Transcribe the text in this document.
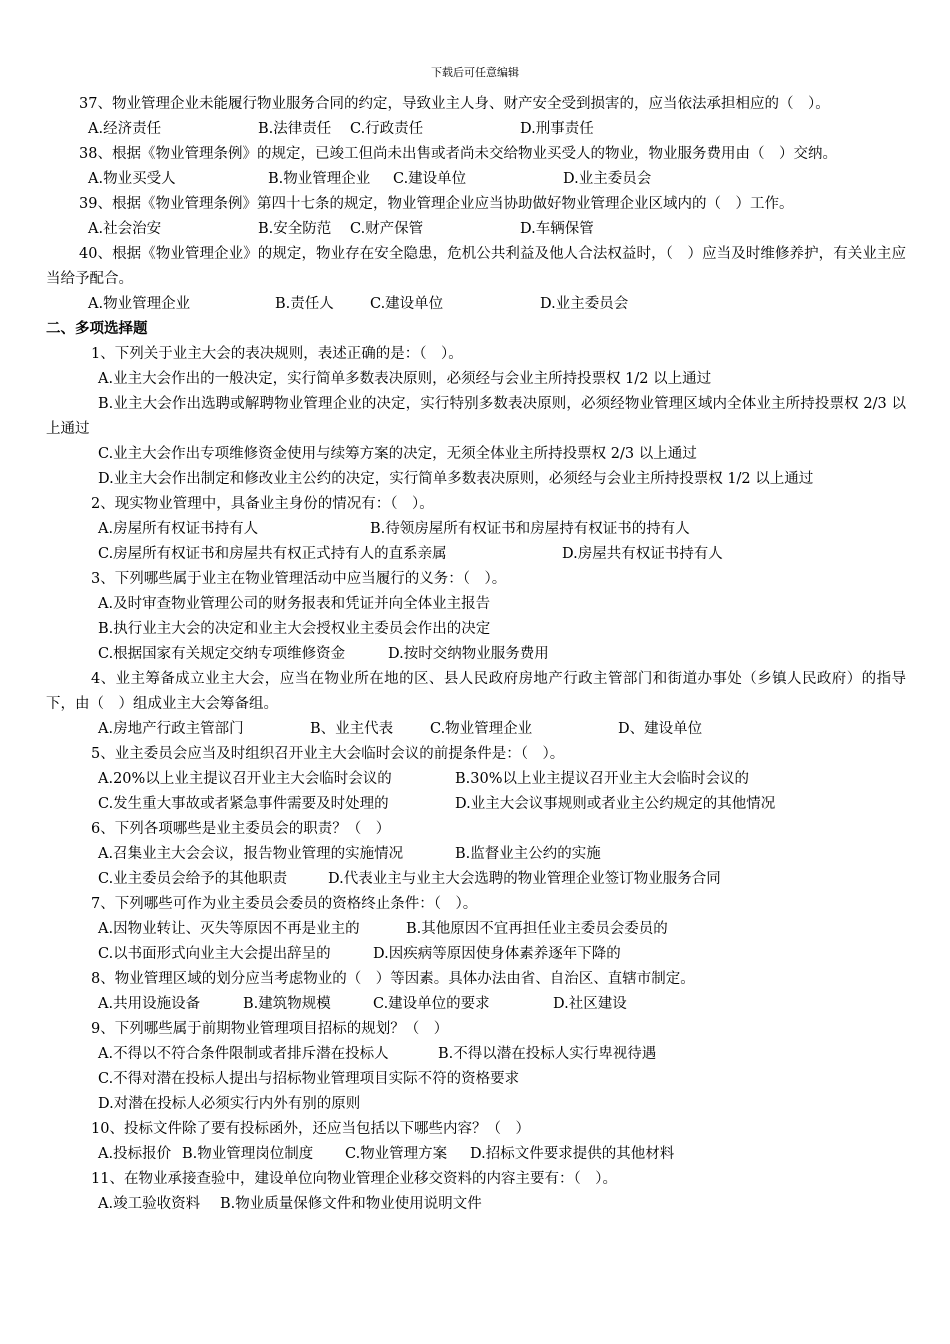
下载后可任意编辑

37、物业管理企业未能履行物业服务合同的约定，导致业主人身、财产安全受到损害的，应当依法承担相应的（　）。

A.经济责任	B.法律责任	C.行政责任	D.刑事责任

38、根据《物业管理条例》的规定，已竣工但尚未出售或者尚未交给物业买受人的物业，物业服务费用由（　）交纳。

A.物业买受人	B.物业管理企业	C.建设单位	D.业主委员会

39、根据《物业管理条例》第四十七条的规定，物业管理企业应当协助做好物业管理企业区域内的（　）工作。

A.社会治安	B.安全防范	C.财产保管	D.车辆保管

40、根据《物业管理企业》的规定，物业存在安全隐患，危机公共利益及他人合法权益时，（　）应当及时维修养护，有关业主应当给予配合。

A.物业管理企业	B.责任人	C.建设单位	D.业主委员会

二、多项选择题

1、下列关于业主大会的表决规则，表述正确的是：（　）。

A.业主大会作出的一般决定，实行简单多数表决原则，必须经与会业主所持投票权 1/2 以上通过

B.业主大会作出选聘或解聘物业管理企业的决定，实行特别多数表决原则，必须经物业管理区域内全体业主所持投票权 2/3 以上通过

C.业主大会作出专项维修资金使用与续筹方案的决定，无须全体业主所持投票权 2/3 以上通过

D.业主大会作出制定和修改业主公约的决定，实行简单多数表决原则，必须经与会业主所持投票权 1/2 以上通过

2、现实物业管理中，具备业主身份的情况有：（　）。

A.房屋所有权证书持有人	B.待领房屋所有权证书和房屋持有权证书的持有人
C.房屋所有权证书和房屋共有权正式持有人的直系亲属	D.房屋共有权证书持有人

3、下列哪些属于业主在物业管理活动中应当履行的义务：（　）。

A.及时审查物业管理公司的财务报表和凭证并向全体业主报告

B.执行业主大会的决定和业主大会授权业主委员会作出的决定

C.根据国家有关规定交纳专项维修资金	D.按时交纳物业服务费用

4、业主筹备成立业主大会，应当在物业所在地的区、县人民政府房地产行政主管部门和街道办事处（乡镇人民政府）的指导下，由（　）组成业主大会筹备组。

A.房地产行政主管部门	B、业主代表	C.物业管理企业	D、建设单位

5、业主委员会应当及时组织召开业主大会临时会议的前提条件是：（　）。

A.20%以上业主提议召开业主大会临时会议的	B.30%以上业主提议召开业主大会临时会议的
C.发生重大事故或者紧急事件需要及时处理的	D.业主大会议事规则或者业主公约规定的其他情况

6、下列各项哪些是业主委员会的职责？（　）

A.召集业主大会会议，报告物业管理的实施情况	B.监督业主公约的实施
C.业主委员会给予的其他职责	D.代表业主与业主大会选聘的物业管理企业签订物业服务合同

7、下列哪些可作为业主委员会委员的资格终止条件：（　）。

A.因物业转让、灭失等原因不再是业主的	B.其他原因不宜再担任业主委员会委员的
C.以书面形式向业主大会提出辞呈的	D.因疾病等原因使身体素养逐年下降的

8、物业管理区域的划分应当考虑物业的（　）等因素。具体办法由省、自治区、直辖市制定。

A.共用设施设备	B.建筑物规模	C.建设单位的要求	D.社区建设

9、下列哪些属于前期物业管理项目招标的规划？（　）

A.不得以不符合条件限制或者排斥潜在投标人	B.不得以潜在投标人实行卑视待遇

C.不得对潜在投标人提出与招标物业管理项目实际不符的资格要求

D.对潜在投标人必须实行内外有别的原则

10、投标文件除了要有投标函外，还应当包括以下哪些内容？（　）

A.投标报价 B.物业管理岗位制度	C.物业管理方案	D.招标文件要求提供的其他材料

11、在物业承接查验中，建设单位向物业管理企业移交资料的内容主要有：（　）。

A.竣工验收资料	B.物业质量保修文件和物业使用说明文件
